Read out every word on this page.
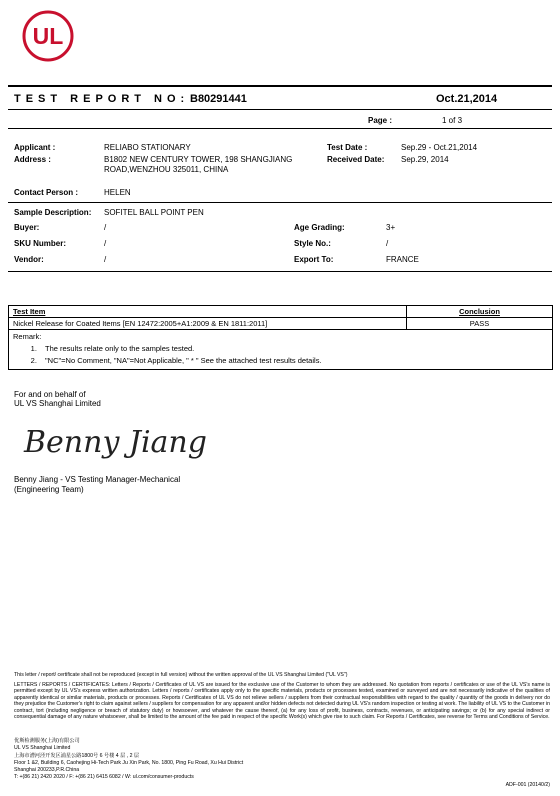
UL
TEST REPORT NO: B80291441	Oct.21,2014
Page :	1 of 3
Applicant :	RELIABO STATIONARY
Address :	B1802 NEW CENTURY TOWER, 198 SHANGJIANG
ROAD,WENZHOU 325011, CHINA
Test Date :	Sep.29 - Oct.21,2014
Received Date: Sep.29, 2014
Contact Person :	HELEN
Sample Description: SOFITEL BALL POINT PEN
Buyer:	/
SKU Number:	/
Vendor:	/
Age Grading:	3+
Style No.:	/
Export To:	FRANCE
Test Item	Conclusion
Nickel Release for Coated Items [EN 12472:2005+A1:2009 & EN 1811:2011]	PASS
Remark:
1. The results relate only to the samples tested.
2. "NC"=No Comment, "NA"=Not Applicable, " * " See the attached test results details.
For and on behalf of
UL VS Shanghai Limited
Benny Jiang
Benny Jiang - VS Testing Manager-Mechanical
(Engineering Team)
This letter / report/ certificate shall not be reproduced (except in full version) without the written approval of the UL VS Shanghai Limited ("UL VS")
LETTERS / REPORTS / CERTIFICATES: Letters / Reports / Certificates of UL VS are issued for the exclusive use of the Customer to whom they are addressed. No quotation from reports / certificates or use of the UL VS's name is permitted except by UL VS's express written authorization. Letters / reports / certificates apply only to the specific materials, products or processes tested, examined or surveyed and are not necessarily indicative of the qualities of apparently identical or similar materials, products or processes. Reports / Certificates of UL VS do not relieve sellers / suppliers from their contractual responsibilities with regard to the quality / quantity of the goods in delivery nor do they prejudice the Customer's right to claim against sellers / suppliers for compensation for any apparent and/or hidden defects not detected during UL VS's random inspection or testing at work. The liability of UL VS to the Customer in contract, tort (including negligence or breach of statutory duty) or howsoever, and whatever the cause thereof, (a) for any loss of profit, business, contracts, revenues, or anticipating savings; or (b) for any special indirect or consequential damage of any nature whatsoever, shall be limited to the amount of the fee paid in respect of the specific Work(s) which give rise to such claim. For Reports / Certificates, see reverse for Terms and Conditions of Service.
优斯检测服务(上海)有限公司
UL VS Shanghai Limited
上海市漕河泾开发区浦星公路1800号 6 号楼 4 层 , 2 层
Floor 1 &2, Building 6, Caohejing Hi-Tech Park Ju Xin Park, No. 1800, Ping Fu Road, Xu Hui District
Shanghai 200233,P.R.China
T: +(86 21) 2420 2020 / F: +(86 21) 6415 6082 / W: ul.com/consumer-products
ADF-001 (20140/2)
